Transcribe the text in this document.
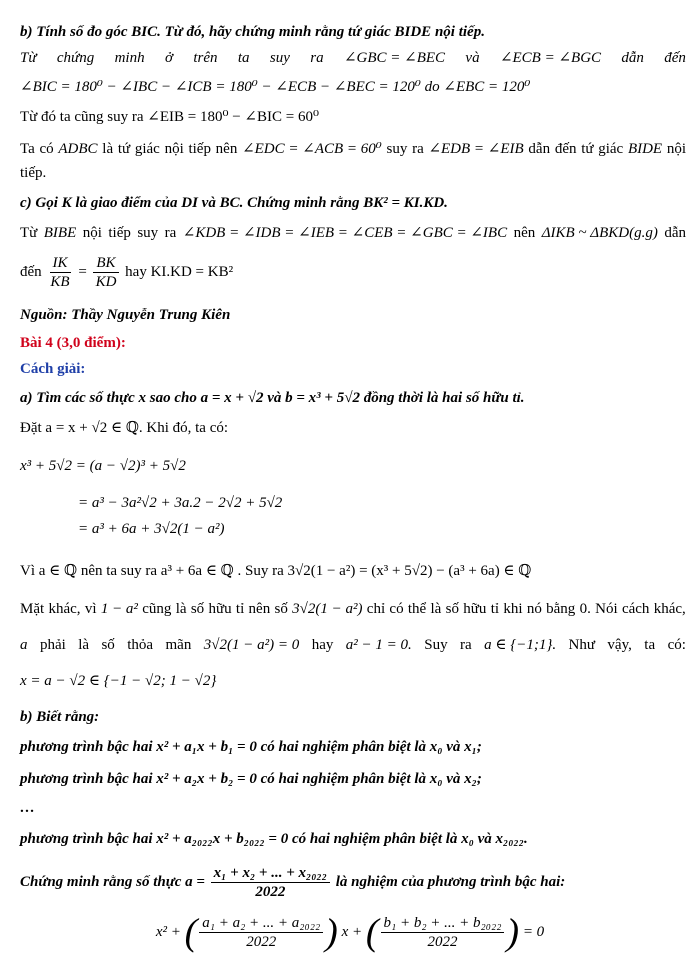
b) Tính số đo góc BIC. Từ đó, hãy chứng minh rằng tứ giác BIDE nội tiếp.
Từ chứng minh ở trên ta suy ra ∠GBC = ∠BEC và ∠ECB = ∠BGC dẫn đến
∠BIC = 180⁰ − ∠IBC − ∠ICB = 180⁰ − ∠ECB − ∠BEC = 120⁰ do ∠EBC = 120⁰
Từ đó ta cũng suy ra ∠EIB = 180⁰ − ∠BIC = 60⁰
Ta có ADBC là tứ giác nội tiếp nên ∠EDC = ∠ACB = 60⁰ suy ra ∠EDB = ∠EIB dẫn đến tứ giác BIDE nội
tiếp.
c) Gọi K là giao điểm của DI và BC. Chứng minh rằng BK² = KI.KD.
Từ BIBE nội tiếp suy ra ∠KDB = ∠IDB = ∠IEB = ∠CEB = ∠GBC = ∠IBC nên ΔIKB ~ ΔBKD(g.g) dẫn
đến $\frac{IK}{KB} = \frac{BK}{KD}$ hay KI.KD = KB²
Nguồn: Thầy Nguyễn Trung Kiên
Bài 4 (3,0 điểm):
Cách giải:
a) Tìm các số thực x sao cho a = x + √2 và b = x³ + 5√2 đồng thời là hai số hữu tỉ.
Đặt a = x + √2 ∈ ℚ. Khi đó, ta có:
x³ + 5√2 = (a − √2)³ + 5√2
= a³ − 3a²√2 + 3a.2 − 2√2 + 5√2
= a³ + 6a + 3√2(1 − a²)
Vì a ∈ ℚ nên ta suy ra a³ + 6a ∈ ℚ . Suy ra 3√2(1 − a²) = (x³ + 5√2) − (a³ + 6a) ∈ ℚ
Mặt khác, vì 1 − a² cũng là số hữu tỉ nên số 3√2(1 − a²) chỉ có thể là số hữu tỉ khi nó bằng 0. Nói cách khác,
a phải là số thỏa mãn 3√2(1 − a²) = 0 hay a² − 1 = 0. Suy ra a ∈ {−1;1}. Như vậy, ta có:
x = a − √2 ∈ {−1 − √2; 1 − √2}
b) Biết rằng:
phương trình bậc hai x² + a₁x + b₁ = 0 có hai nghiệm phân biệt là x₀ và x₁;
phương trình bậc hai x² + a₂x + b₂ = 0 có hai nghiệm phân biệt là x₀ và x₂;
…
phương trình bậc hai x² + a₂₀₂₂x + b₂₀₂₂ = 0 có hai nghiệm phân biệt là x₀ và x₂₀₂₂.
Chứng minh rằng số thực $a = \frac{\text{x₁ + x₂ + ... + x₂₀₂₂}}{2022}$ là nghiệm của phương trình bậc hai:
x² + ( $\frac{\text{a₁ + a₂ + ... + a₂₀₂₂}}{2022}$ ) x + ( $\frac{\text{b₁ + b₂ + ... + b₂₀₂₂}}{2022}$ ) = 0
